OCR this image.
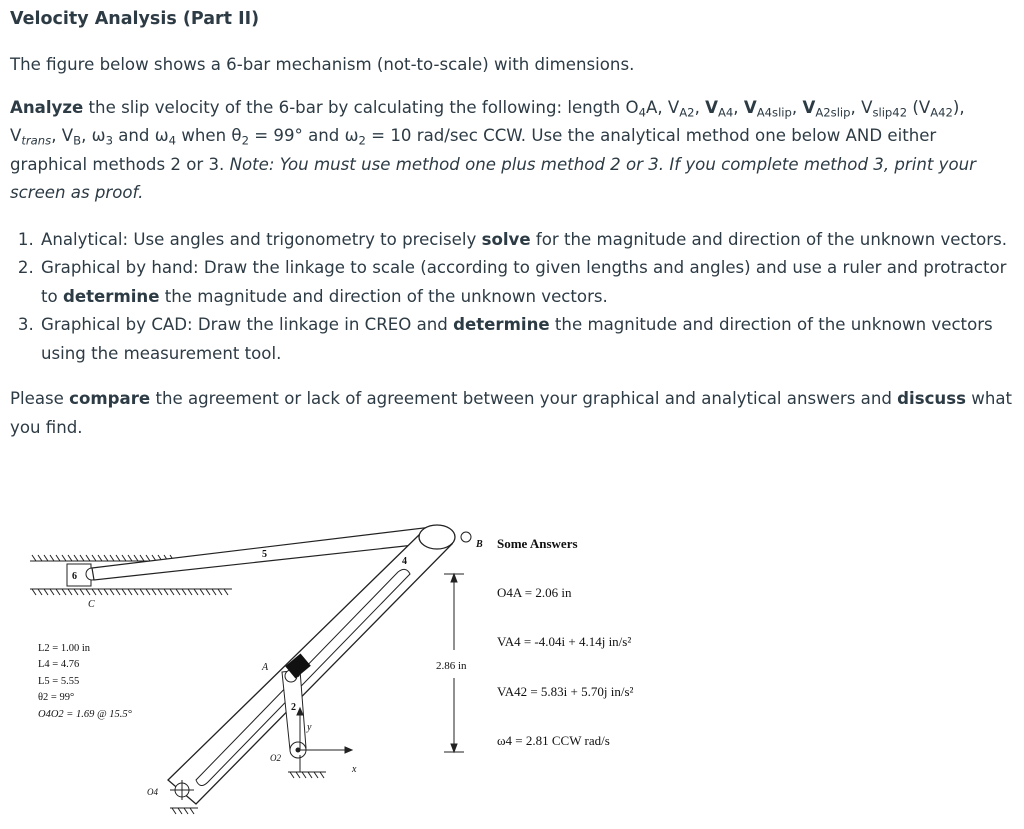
Velocity Analysis (Part II)

The figure below shows a 6-bar mechanism (not-to-scale) with dimensions.

Analyze the slip velocity of the 6-bar by calculating the following: length $O_4A$, $V_{A2}$, $V_{A4}$, $V_{A4slip}$, $V_{A2slip}$, $V_{slip42}$ $(V_{A42})$,
$V_{trans}$, $V_B$, $\omega_3$ and $\omega_4$ when $\theta_2 = 99^\circ$ and $\omega_2 = 10$ rad/sec CCW. Use the analytical method one below AND either graphical methods 2 or 3. Note: You must use method one plus method 2 or 3. If you complete method 3, print your screen as proof.

1. Analytical: Use angles and trigonometry to precisely solve for the magnitude and direction of the unknown vectors.
2. Graphical by hand: Draw the linkage to scale (according to given lengths and angles) and use a ruler and protractor to determine the magnitude and direction of the unknown vectors.
3. Graphical by CAD: Draw the linkage in CREO and determine the magnitude and direction of the unknown vectors using the measurement tool.

Please compare the agreement or lack of agreement between your graphical and analytical answers and discuss what you find.

2.86 in
B
C
A
O2
O4
x
y
2
3
4
5
6
L2 = 1.00 in
L4 = 4.76
L5 = 5.55
θ2 = 99°
O4O2 = 1.69 @ 15.5°
Some Answers
O4A = 2.06 in
VA4 = -4.04i + 4.14j in/s²
VA42 = 5.83i + 5.70j in/s²
ω4 = 2.81 CCW rad/s
